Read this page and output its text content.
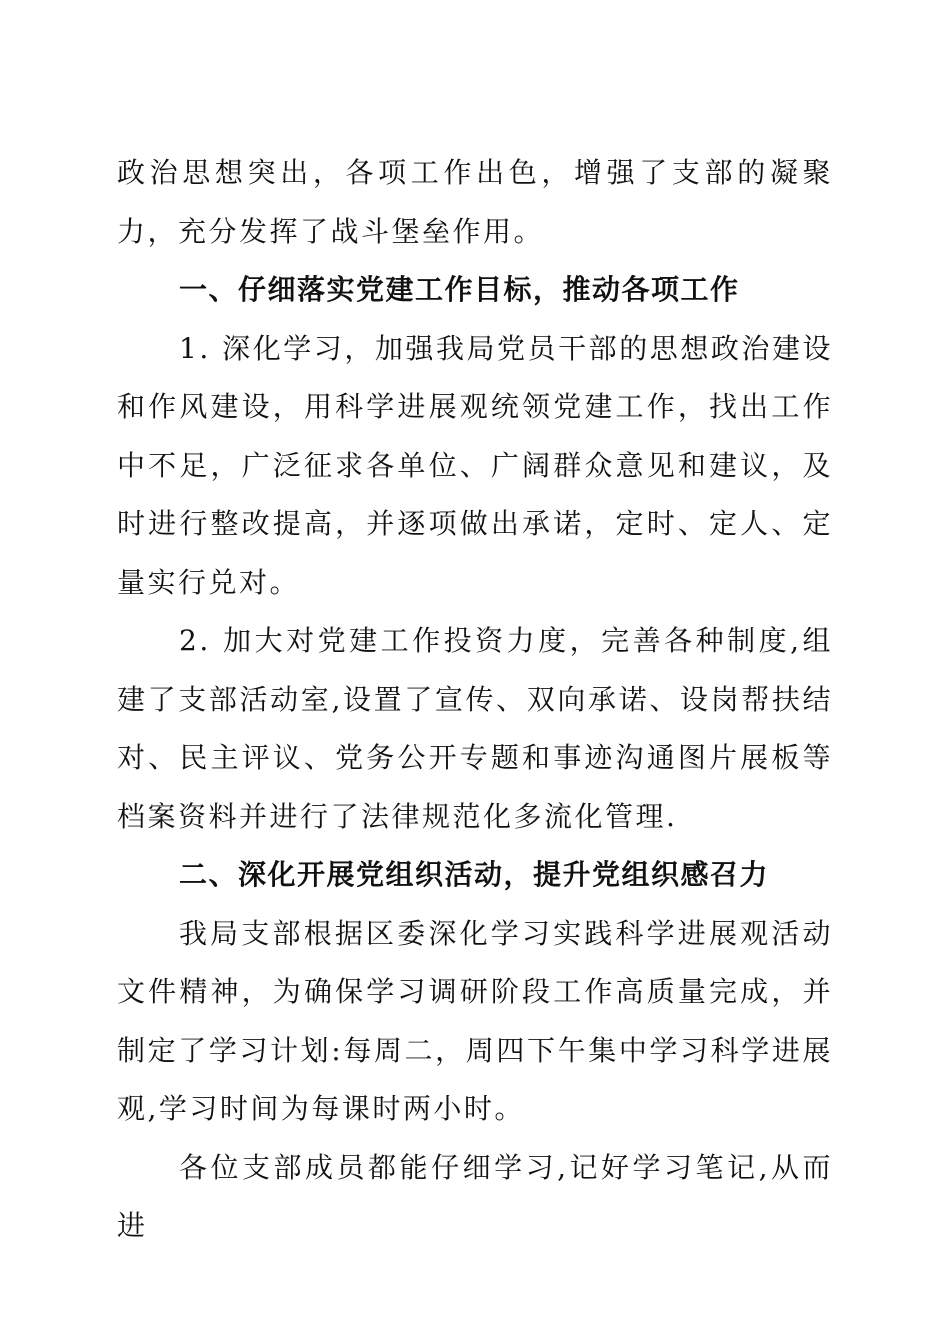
政治思想突出，各项工作出色，增强了支部的凝聚力，充分发挥了战斗堡垒作用。

一、仔细落实党建工作目标，推动各项工作

1. 深化学习，加强我局党员干部的思想政治建设和作风建设，用科学进展观统领党建工作，找出工作中不足，广泛征求各单位、广阔群众意见和建议，及时进行整改提高，并逐项做出承诺，定时、定人、定量实行兑对。

2. 加大对党建工作投资力度，完善各种制度,组建了支部活动室,设置了宣传、双向承诺、设岗帮扶结对、民主评议、党务公开专题和事迹沟通图片展板等档案资料并进行了法律规范化多流化管理.

二、深化开展党组织活动，提升党组织感召力

我局支部根据区委深化学习实践科学进展观活动文件精神，为确保学习调研阶段工作高质量完成，并制定了学习计划:每周二，周四下午集中学习科学进展观,学习时间为每课时两小时。

各位支部成员都能仔细学习,记好学习笔记,从而进
